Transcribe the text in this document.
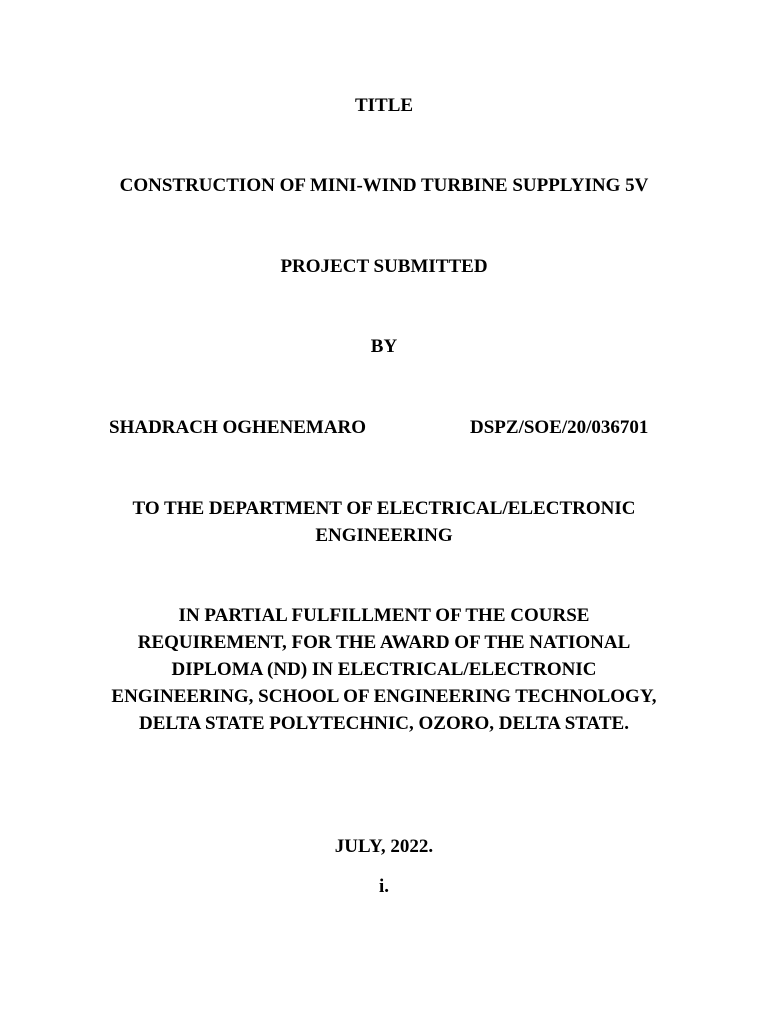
TITLE
CONSTRUCTION OF MINI-WIND TURBINE SUPPLYING 5V
PROJECT SUBMITTED
BY
SHADRACH OGHENEMARO	DSPZ/SOE/20/036701
TO THE DEPARTMENT OF ELECTRICAL/ELECTRONIC
ENGINEERING
IN PARTIAL FULFILLMENT OF THE COURSE
REQUIREMENT, FOR THE AWARD OF THE NATIONAL
DIPLOMA (ND) IN ELECTRICAL/ELECTRONIC
ENGINEERING, SCHOOL OF ENGINEERING TECHNOLOGY,
DELTA STATE POLYTECHNIC, OZORO, DELTA STATE.
JULY, 2022.
i.
